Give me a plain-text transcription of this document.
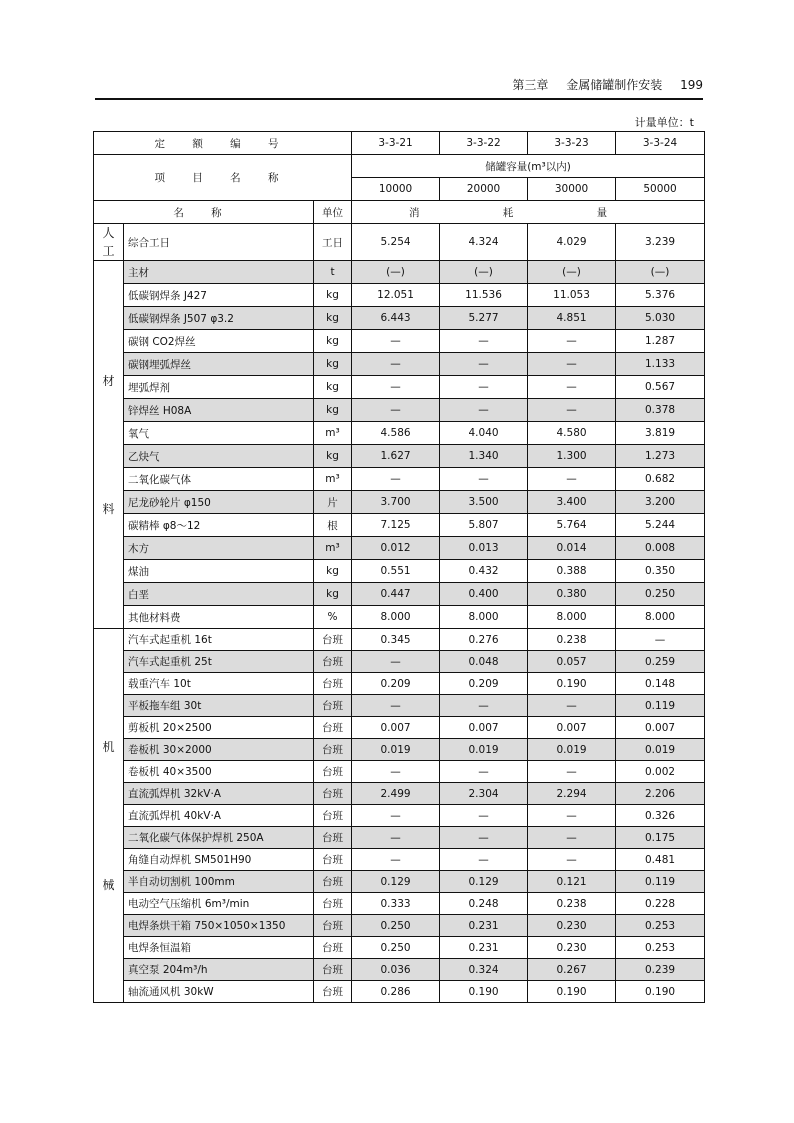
第三章 金属储罐制作安装 199
计量单位：t
定 额 编 号			3-3-21	3-3-22	3-3-23	3-3-24
项 目 名 称			储罐容量(m³以内)			
			10000	20000	30000	50000
名 称		单位	消 耗 量			

人
工	综合工日	工日	5.254	4.324	4.029	3.239

材
料	主材	t	(—)	(—)	(—)	(—)
	低碳钢焊条 J427	kg	12.051	11.536	11.053	5.376
	低碳钢焊条 J507 φ3.2	kg	6.443	5.277	4.851	5.030
	碳钢 CO2焊丝	kg	—	—	—	1.287
	碳钢埋弧焊丝	kg	—	—	—	1.133
	埋弧焊剂	kg	—	—	—	0.567
	锌焊丝 H08A	kg	—	—	—	0.378
	氧气	m³	4.586	4.040	4.580	3.819
	乙炔气	kg	1.627	1.340	1.300	1.273
	二氧化碳气体	m³	—	—	—	0.682
	尼龙砂轮片 φ150	片	3.700	3.500	3.400	3.200
	碳精棒 φ8～12	根	7.125	5.807	5.764	5.244
	木方	m³	0.012	0.013	0.014	0.008
	煤油	kg	0.551	0.432	0.388	0.350
	白垩	kg	0.447	0.400	0.380	0.250
	其他材料费	%	8.000	8.000	8.000	8.000

机
械	汽车式起重机 16t	台班	0.345	0.276	0.238	—
	汽车式起重机 25t	台班	—	0.048	0.057	0.259
	载重汽车 10t	台班	0.209	0.209	0.190	0.148
	平板拖车组 30t	台班	—	—	—	0.119
	剪板机 20×2500	台班	0.007	0.007	0.007	0.007
	卷板机 30×2000	台班	0.019	0.019	0.019	0.019
	卷板机 40×3500	台班	—	—	—	0.002
	直流弧焊机 32kV·A	台班	2.499	2.304	2.294	2.206
	直流弧焊机 40kV·A	台班	—	—	—	0.326
	二氧化碳气体保护焊机 250A	台班	—	—	—	0.175
	角缝自动焊机 SM501H90	台班	—	—	—	0.481
	半自动切割机 100mm	台班	0.129	0.129	0.121	0.119
	电动空气压缩机 6m³/min	台班	0.333	0.248	0.238	0.228
	电焊条烘干箱 750×1050×1350	台班	0.250	0.231	0.230	0.253
	电焊条恒温箱	台班	0.250	0.231	0.230	0.253
	真空泵 204m³/h	台班	0.036	0.324	0.267	0.239
	轴流通风机 30kW	台班	0.286	0.190	0.190	0.190
